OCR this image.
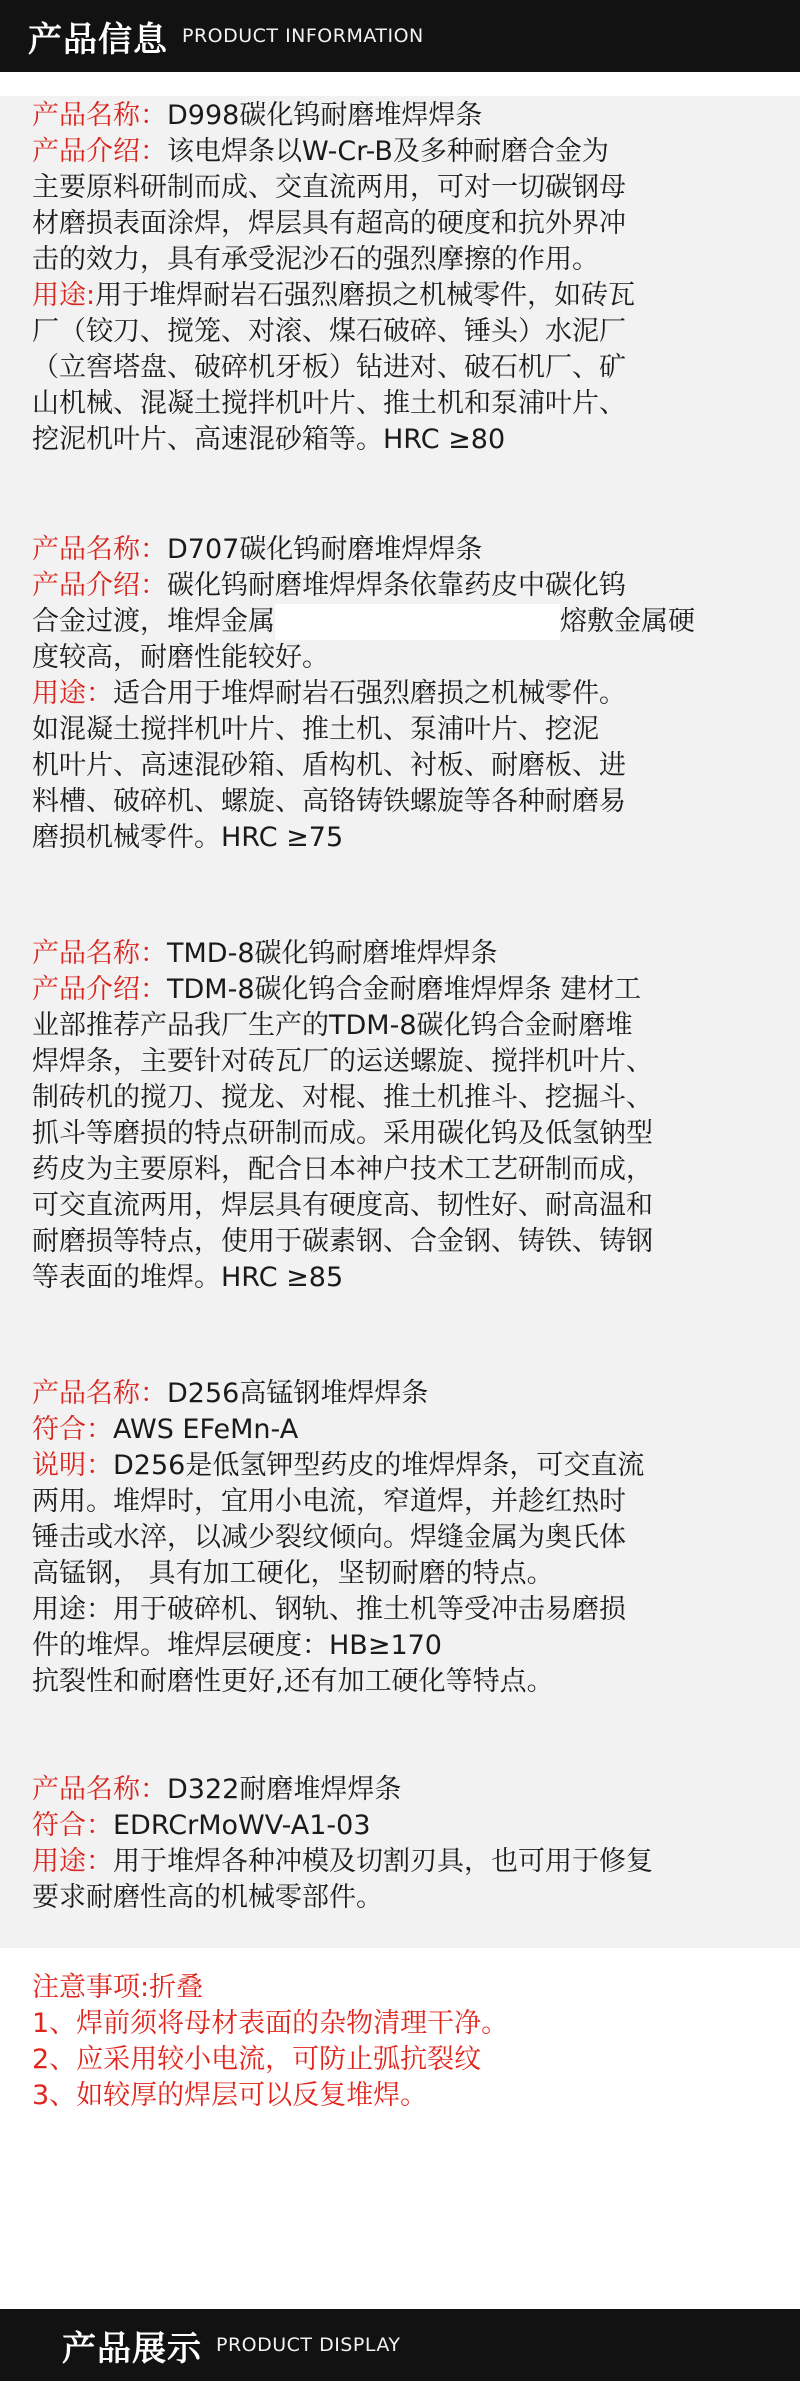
产品信息 PRODUCT INFORMATION
产品名称：D998碳化钨耐磨堆焊焊条
产品介绍：该电焊条以W-Cr-B及多种耐磨合金为
主要原料研制而成、交直流两用，可对一切碳钢母
材磨损表面涂焊，焊层具有超高的硬度和抗外界冲
击的效力，具有承受泥沙石的强烈摩擦的作用。
用途:用于堆焊耐岩石强烈磨损之机械零件，如砖瓦
厂（铰刀、搅笼、对滚、煤石破碎、锤头）水泥厂
（立窖塔盘、破碎机牙板）钻进对、破石机厂、矿
山机械、混凝土搅拌机叶片、推土机和泵浦叶片、
挖泥机叶片、高速混砂箱等。HRC ≥80
产品名称：D707碳化钨耐磨堆焊焊条
产品介绍：碳化钨耐磨堆焊焊条依靠药皮中碳化钨
合金过渡，堆焊金属	熔敷金属硬
度较高，耐磨性能较好。
用途：适合用于堆焊耐岩石强烈磨损之机械零件。
如混凝土搅拌机叶片、推土机、泵浦叶片、挖泥
机叶片、高速混砂箱、盾构机、衬板、耐磨板、进
料槽、破碎机、螺旋、高铬铸铁螺旋等各种耐磨易
磨损机械零件。HRC ≥75
产品名称：TMD-8碳化钨耐磨堆焊焊条
产品介绍：TDM-8碳化钨合金耐磨堆焊焊条 建材工
业部推荐产品我厂生产的TDM-8碳化钨合金耐磨堆
焊焊条，主要针对砖瓦厂的运送螺旋、搅拌机叶片、
制砖机的搅刀、搅龙、对棍、推土机推斗、挖掘斗、
抓斗等磨损的特点研制而成。采用碳化钨及低氢钠型
药皮为主要原料，配合日本神户技术工艺研制而成，
可交直流两用，焊层具有硬度高、韧性好、耐高温和
耐磨损等特点，使用于碳素钢、合金钢、铸铁、铸钢
等表面的堆焊。HRC ≥85
产品名称：D256高锰钢堆焊焊条
符合：AWS EFeMn-A
说明：D256是低氢钾型药皮的堆焊焊条，可交直流
两用。堆焊时，宜用小电流，窄道焊，并趁红热时
锤击或水淬，以减少裂纹倾向。焊缝金属为奥氏体
高锰钢， 具有加工硬化，坚韧耐磨的特点。
用途：用于破碎机、钢轨、推土机等受冲击易磨损
件的堆焊。堆焊层硬度：HB≥170
抗裂性和耐磨性更好,还有加工硬化等特点。
产品名称：D322耐磨堆焊焊条
符合：EDRCrMoWV-A1-03
用途：用于堆焊各种冲模及切割刃具，也可用于修复
要求耐磨性高的机械零部件。
注意事项:折叠
1、焊前须将母材表面的杂物清理干净。
2、应采用较小电流，可防止弧抗裂纹
3、如较厚的焊层可以反复堆焊。
产品展示 PRODUCT DISPLAY
